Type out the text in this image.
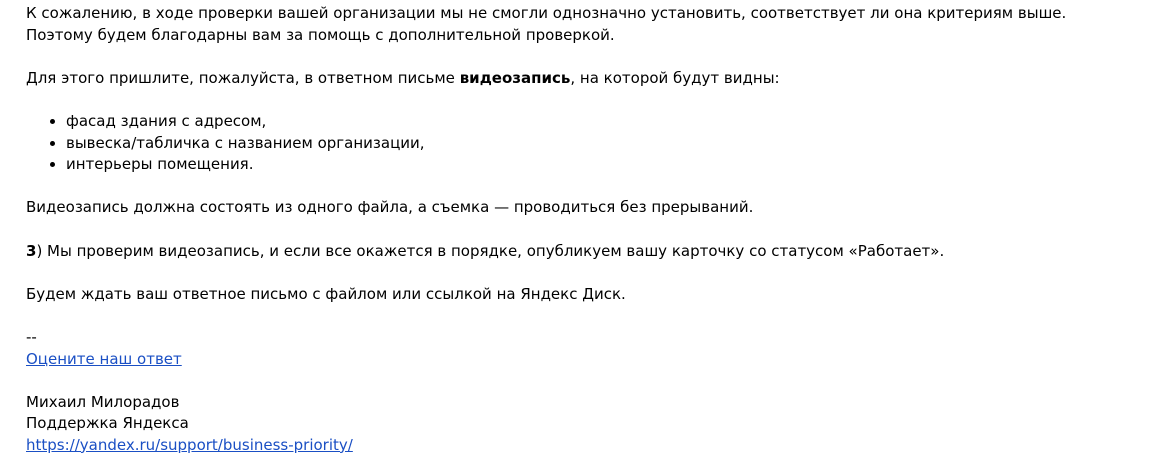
К сожалению, в ходе проверки вашей организации мы не смогли однозначно установить, соответствует ли она критериям выше. Поэтому будем благодарны вам за помощь с дополнительной проверкой.

Для этого пришлите, пожалуйста, в ответном письме видеозапись, на которой будут видны:

• фасад здания с адресом,
• вывеска/табличка с названием организации,
• интерьеры помещения.

Видеозапись должна состоять из одного файла, а съемка — проводиться без прерываний.

3) Мы проверим видеозапись, и если все окажется в порядке, опубликуем вашу карточку со статусом «Работает».

Будем ждать ваш ответное письмо с файлом или ссылкой на Яндекс Диск.

--

Оцените наш ответ

Михаил Милорадов

Поддержка Яндекса

https://yandex.ru/support/business-priority/
